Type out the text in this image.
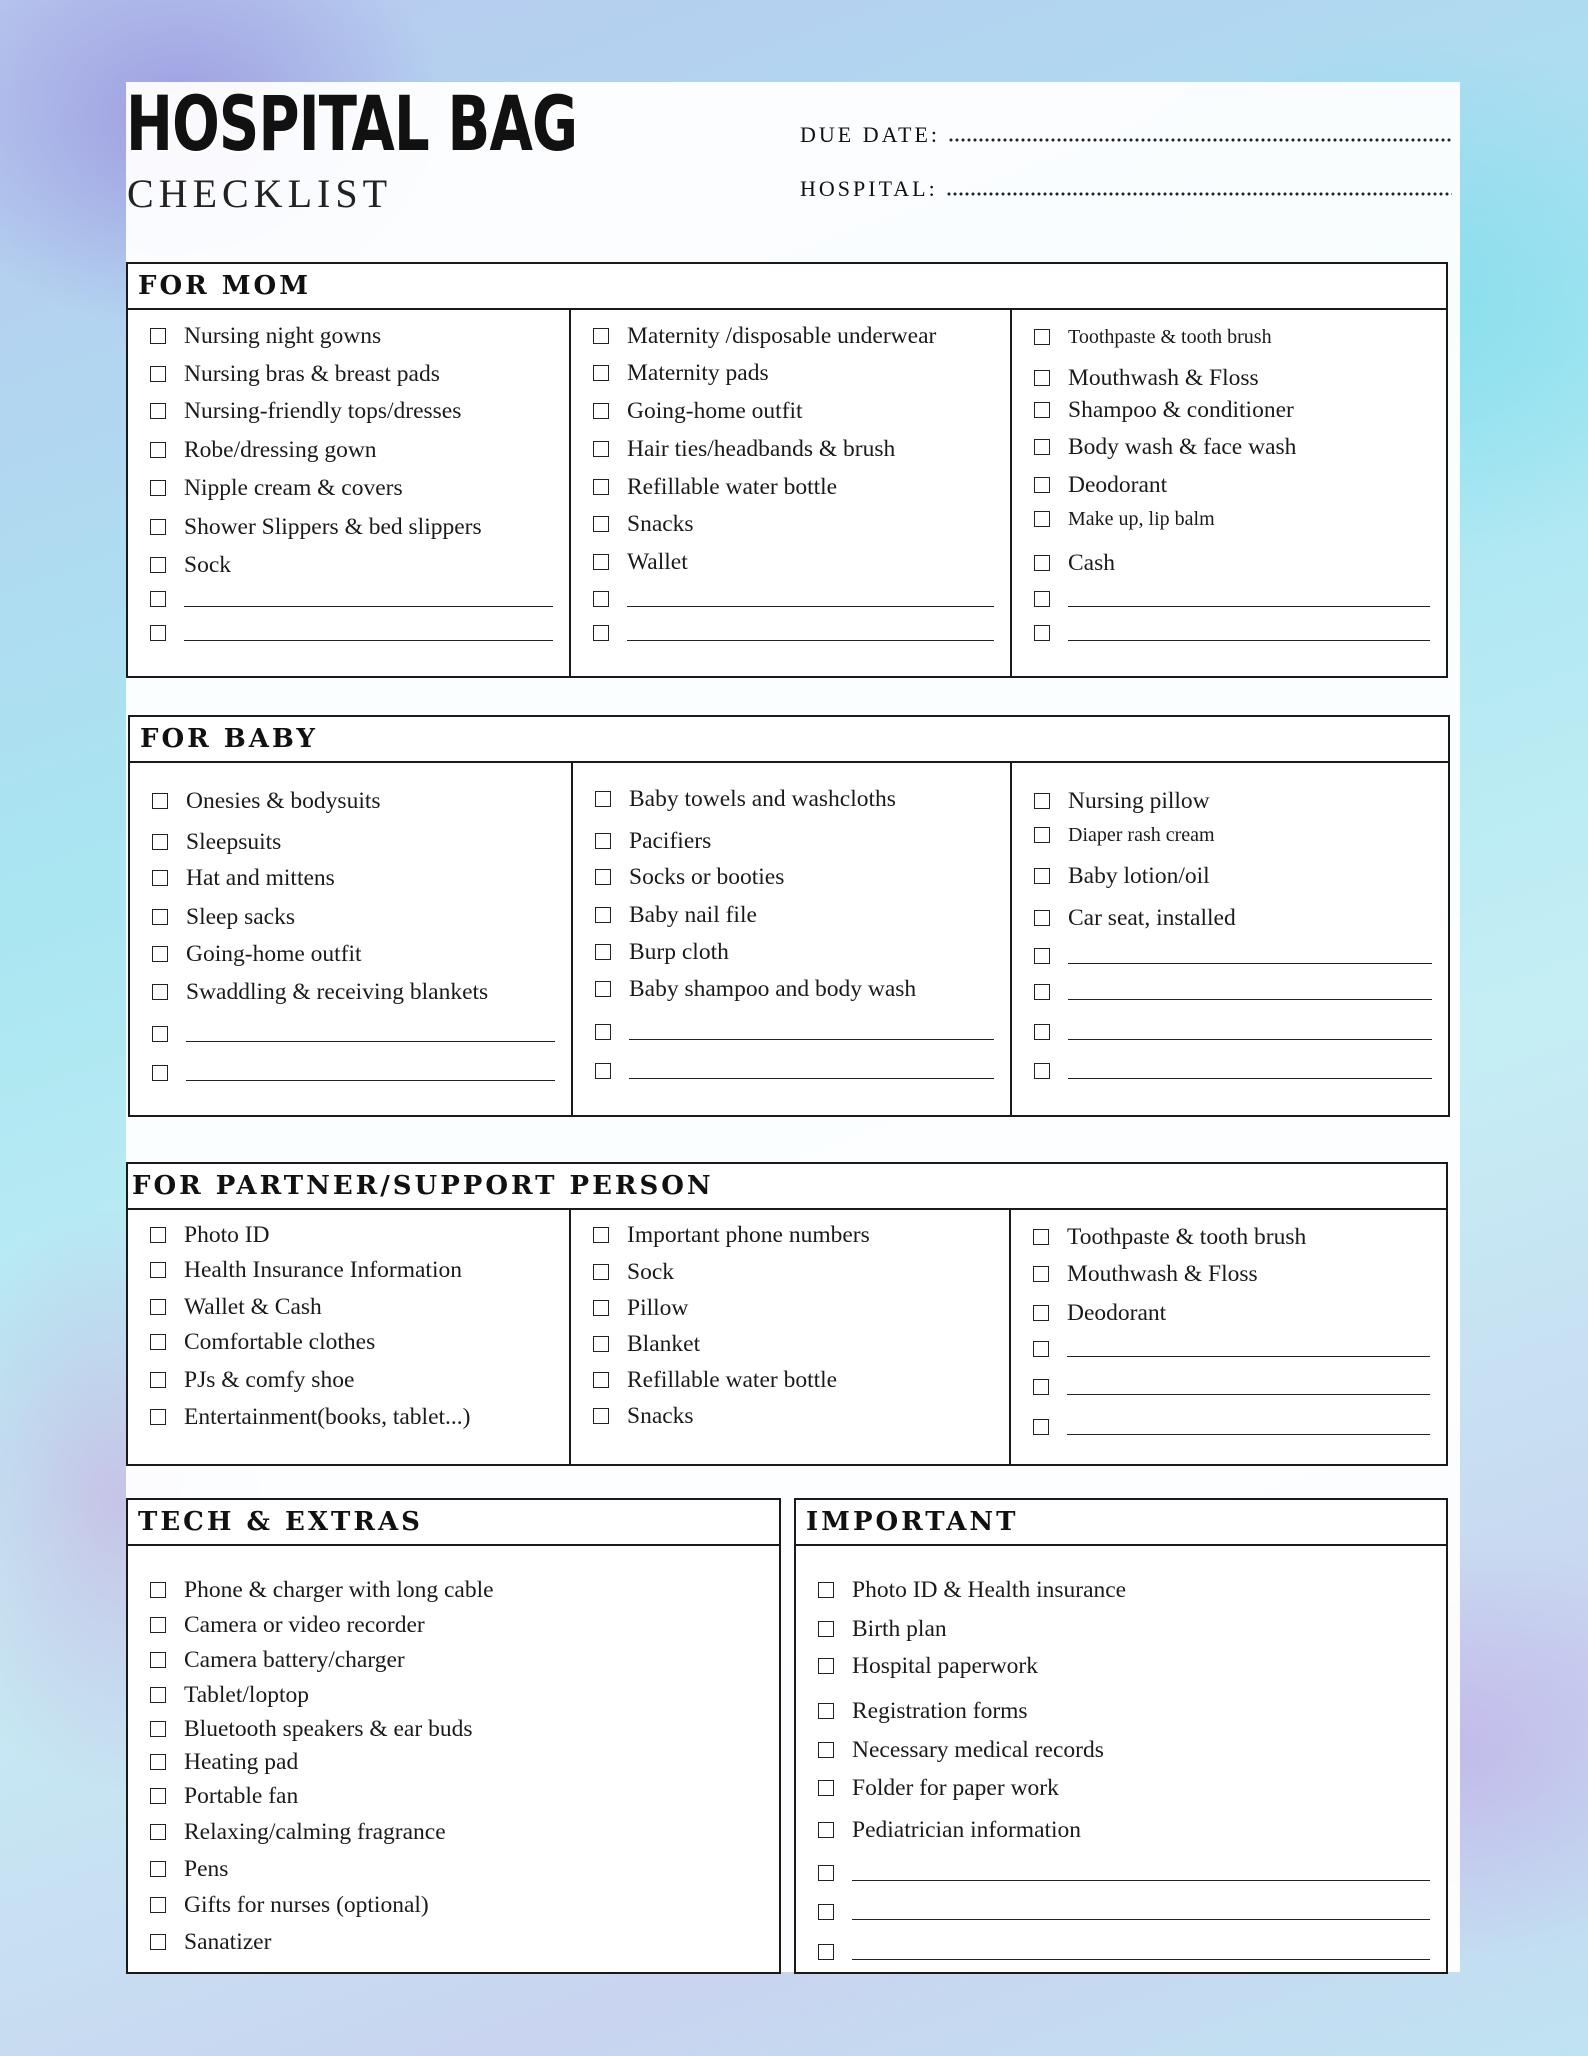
HOSPITAL BAG
CHECKLIST
DUE DATE:
HOSPITAL:
FOR MOM
Nursing night gowns
Nursing bras & breast pads
Nursing-friendly tops/dresses
Robe/dressing gown
Nipple cream & covers
Shower Slippers & bed slippers
Sock
Maternity /disposable underwear
Maternity pads
Going-home outfit
Hair ties/headbands & brush
Refillable water bottle
Snacks
Wallet
Toothpaste & tooth brush
Mouthwash & Floss
Shampoo & conditioner
Body wash & face wash
Deodorant
Make up, lip balm
Cash
FOR BABY
Onesies & bodysuits
Sleepsuits
Hat and mittens
Sleep sacks
Going-home outfit
Swaddling & receiving blankets
Baby towels and washcloths
Pacifiers
Socks or booties
Baby nail file
Burp cloth
Baby shampoo and body wash
Nursing pillow
Diaper rash cream
Baby lotion/oil
Car seat, installed
FOR PARTNER/SUPPORT PERSON
Photo ID
Health Insurance Information
Wallet & Cash
Comfortable clothes
PJs & comfy shoe
Entertainment(books, tablet...)
Important phone numbers
Sock
Pillow
Blanket
Refillable water bottle
Snacks
Toothpaste & tooth brush
Mouthwash & Floss
Deodorant
TECH & EXTRAS
Phone & charger with long cable
Camera or video recorder
Camera battery/charger
Tablet/loptop
Bluetooth speakers & ear buds
Heating pad
Portable fan
Relaxing/calming fragrance
Pens
Gifts for nurses (optional)
Sanatizer
IMPORTANT
Photo ID & Health insurance
Birth plan
Hospital paperwork
Registration forms
Necessary medical records
Folder for paper work
Pediatrician information
